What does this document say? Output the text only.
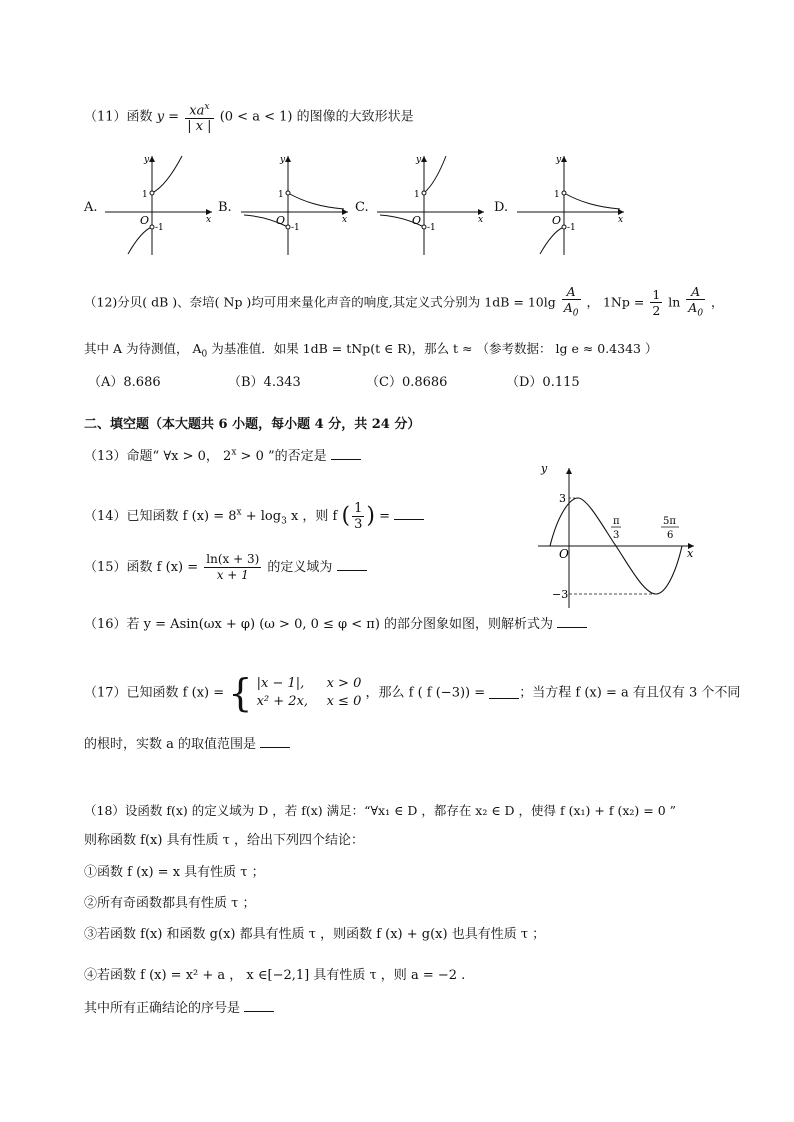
（11）函数 $y = \frac{xa^x}{| x |} (0 < a < 1)$ 的图像的大致形状是
A.
1
-1
O	x
y
B.
1
-1
O	x
y
C.
1
-1
O	x
y
D.
1
-1
O	x
y
（12)分贝( dB )、奈培( Np )均可用来量化声音的响度,其定义式分别为 $1dB = 10\lg \frac{A}{A_0}$ ， $1Np = \frac{1}{2}$ $\ln \frac{A}{A_0}$ ，
其中 A 为待测值， $A_0$ 为基准值．如果 1dB = tNp(t ∈ R)，那么 t ≈ （参考数据： lg e ≈ 0.4343 ）
（A）8.686	（B）4.343	（C）0.8686	（D）0.115
二、填空题（本大题共 6 小题，每小题 4 分，共 24 分）
（13）命题“ ∀x > 0， $2^x > 0$ ”的否定是
（14）已知函数 f $(x) = 8^x + \log_3 x$ ，则 f ( $\frac{1}{3}$ ) =
（15）函数 f $(x) = \frac{\ln(x + 3)}{x + 1}$ 的定义域为
y
x
3
−3
O
π
3
5π
6
（16）若 y = Asin(ωx + φ) (ω > 0, 0 ≤ φ < π) 的部分图象如图，则解析式为
（17）已知函数 f (x) = { |x − 1|, x > 0
x² + 2x, x ≤ 0
，那么 f ( f (−3)) = ；当方程 f (x) = a 有且仅有 3 个不同
的根时，实数 a 的取值范围是
（18）设函数 f(x) 的定义域为 D ，若 f(x) 满足：“∀x₁ ∈ D ，都存在 x₂ ∈ D ，使得 f (x₁) + f (x₂) = 0 ”
则称函数 f(x) 具有性质 τ ，给出下列四个结论：
①函数 f (x) = x 具有性质 τ ；
②所有奇函数都具有性质 τ ；
③若函数 f(x) 和函数 g(x) 都具有性质 τ ，则函数 f (x) + g(x) 也具有性质 τ ；
④若函数 f (x) = x² + a ， x ∈[−2,1] 具有性质 τ ，则 a = −2 .
其中所有正确结论的序号是
